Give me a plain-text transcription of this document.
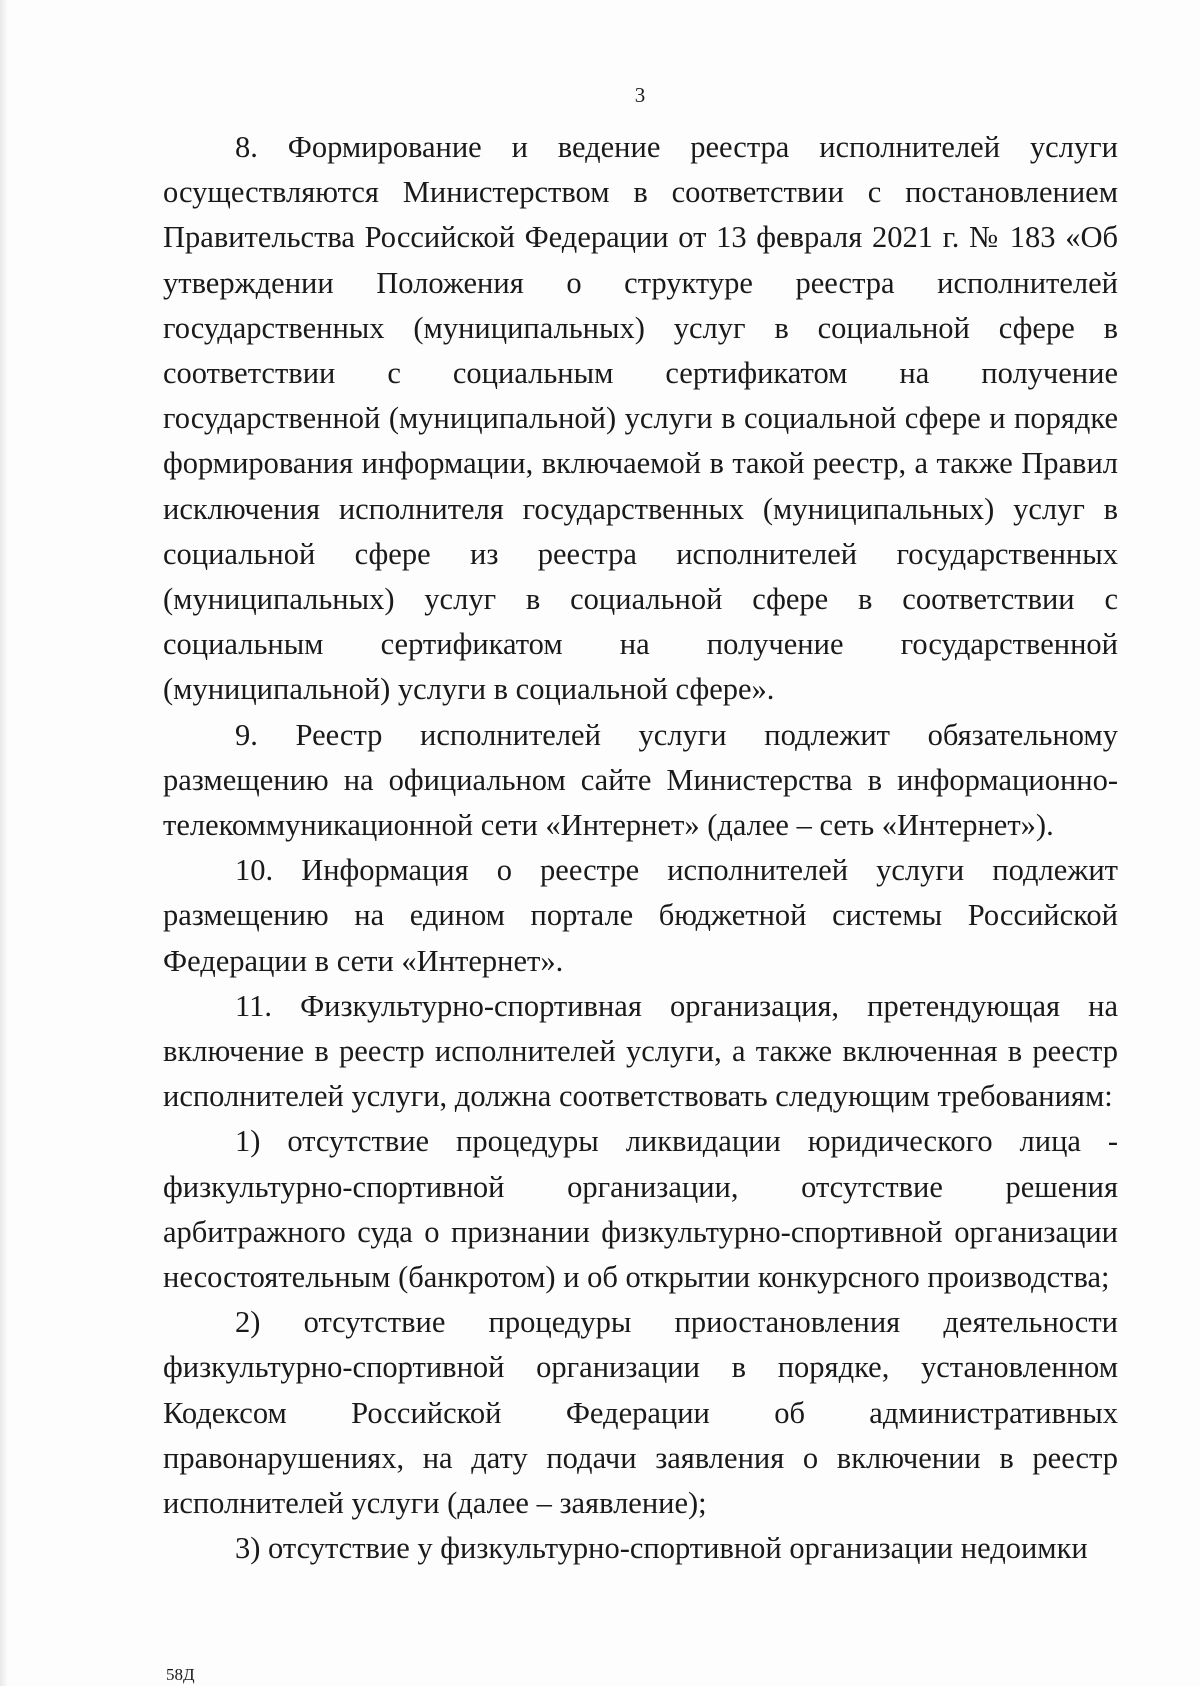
3

8. Формирование и ведение реестра исполнителей услуги осуществляются Министерством в соответствии с постановлением Правительства Российской Федерации от 13 февраля 2021 г. № 183 «Об утверждении Положения о структуре реестра исполнителей государственных (муниципальных) услуг в социальной сфере в соответствии с социальным сертификатом на получение государственной (муниципальной) услуги в социальной сфере и порядке формирования информации, включаемой в такой реестр, а также Правил исключения исполнителя государственных (муниципальных) услуг в социальной сфере из реестра исполнителей государственных (муниципальных) услуг в социальной сфере в соответствии с социальным сертификатом на получение государственной (муниципальной) услуги в социальной сфере».

9. Реестр исполнителей услуги подлежит обязательному размещению на официальном сайте Министерства в информационно-телекоммуникационной сети «Интернет» (далее – сеть «Интернет»).

10. Информация о реестре исполнителей услуги подлежит размещению на едином портале бюджетной системы Российской Федерации в сети «Интернет».

11. Физкультурно-спортивная организация, претендующая на включение в реестр исполнителей услуги, а также включенная в реестр исполнителей услуги, должна соответствовать следующим требованиям:

1) отсутствие процедуры ликвидации юридического лица - физкультурно-спортивной организации, отсутствие решения арбитражного суда о признании физкультурно-спортивной организации несостоятельным (банкротом) и об открытии конкурсного производства;

2) отсутствие процедуры приостановления деятельности физкультурно-спортивной организации в порядке, установленном Кодексом Российской Федерации об административных правонарушениях, на дату подачи заявления о включении в реестр исполнителей услуги (далее – заявление);

3) отсутствие у физкультурно-спортивной организации недоимки

58Д
